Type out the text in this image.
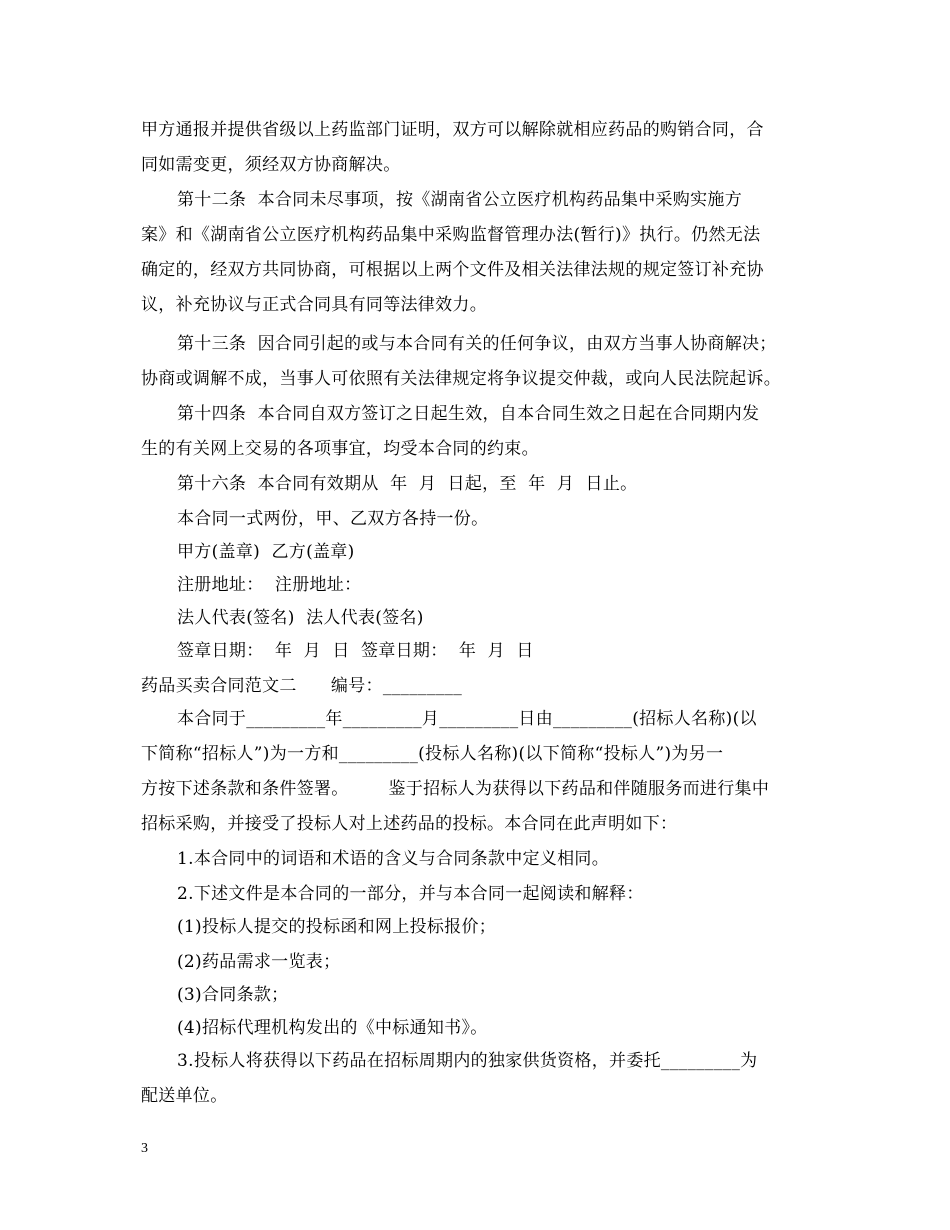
甲方通报并提供省级以上药监部门证明，双方可以解除就相应药品的购销合同，合
同如需变更，须经双方协商解决。
第十二条  本合同未尽事项，按《湖南省公立医疗机构药品集中采购实施方
案》和《湖南省公立医疗机构药品集中采购监督管理办法(暂行)》执行。仍然无法
确定的，经双方共同协商，可根据以上两个文件及相关法律法规的规定签订补充协
议，补充协议与正式合同具有同等法律效力。
第十三条  因合同引起的或与本合同有关的任何争议，由双方当事人协商解决；
协商或调解不成，当事人可依照有关法律规定将争议提交仲裁，或向人民法院起诉。
第十四条  本合同自双方签订之日起生效，自本合同生效之日起在合同期内发
生的有关网上交易的各项事宜，均受本合同的约束。
第十六条  本合同有效期从  年  月  日起，至  年  月  日止。
本合同一式两份，甲、乙双方各持一份。
甲方(盖章)  乙方(盖章)
注册地址：  注册地址：
法人代表(签名)  法人代表(签名)
签章日期：  年  月  日  签章日期：  年  月  日
药品买卖合同范文二      编号：_________
本合同于_________年_________月_________日由_________(招标人名称)(以
下简称“招标人”)为一方和_________(投标人名称)(以下简称“投标人”)为另一
方按下述条款和条件签署。       鉴于招标人为获得以下药品和伴随服务而进行集中
招标采购，并接受了投标人对上述药品的投标。本合同在此声明如下：
1.本合同中的词语和术语的含义与合同条款中定义相同。
2.下述文件是本合同的一部分，并与本合同一起阅读和解释：
(1)投标人提交的投标函和网上投标报价；
(2)药品需求一览表；
(3)合同条款；
(4)招标代理机构发出的《中标通知书》。
3.投标人将获得以下药品在招标周期内的独家供货资格，并委托_________为
配送单位。
3
